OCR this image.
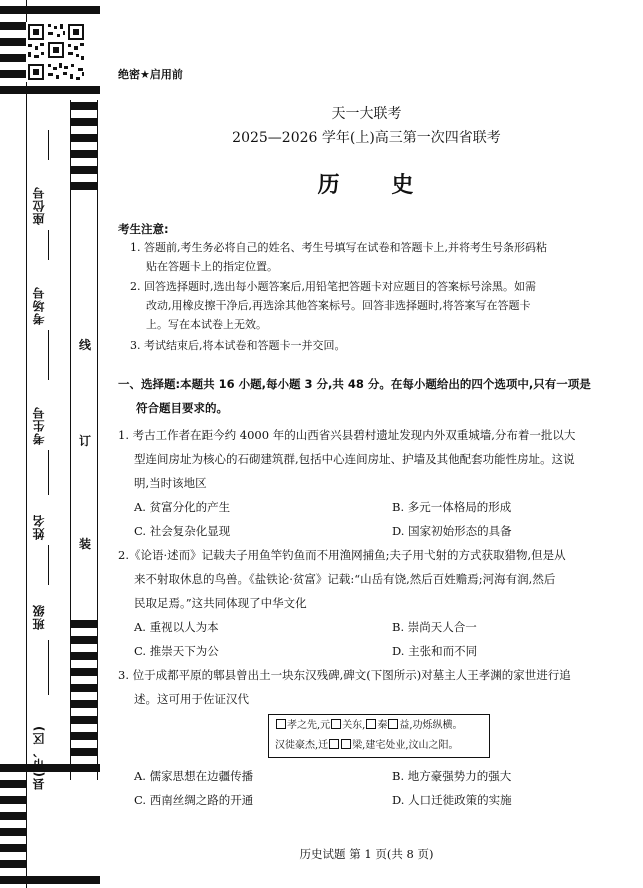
座位号
考场号
考生号
姓名
班级
县(市、区)
线
订
装
绝密★启用前
天一大联考
2025—2026 学年(上)高三第一次四省联考
历 史
考生注意:
1. 答题前,考生务必将自己的姓名、考生号填写在试卷和答题卡上,并将考生号条形码粘
贴在答题卡上的指定位置。
2. 回答选择题时,选出每小题答案后,用铅笔把答题卡对应题目的答案标号涂黑。如需
改动,用橡皮擦干净后,再选涂其他答案标号。回答非选择题时,将答案写在答题卡
上。写在本试卷上无效。
3. 考试结束后,将本试卷和答题卡一并交回。
一、选择题:本题共 16 小题,每小题 3 分,共 48 分。在每小题给出的四个选项中,只有一项是
符合题目要求的。
1. 考古工作者在距今约 4000 年的山西省兴县碧村遗址发现内外双重城墙,分布着一批以大
型连间房址为核心的石砌建筑群,包括中心连间房址、护墙及其他配套功能性房址。这说
明,当时该地区
A. 贫富分化的产生	B. 多元一体格局的形成
C. 社会复杂化显现	D. 国家初始形态的具备
2.《论语·述而》记载夫子用鱼竿钓鱼而不用渔网捕鱼;夫子用弋射的方式获取猎物,但是从
来不射取休息的鸟兽。《盐铁论·贫富》记载:“山岳有饶,然后百姓赡焉;河海有润,然后
民取足焉。”这共同体现了中华文化
A. 重视以人为本	B. 崇尚天人合一
C. 推崇天下为公	D. 主张和而不同
3. 位于成都平原的郫县曾出土一块东汉残碑,碑文(下图所示)对墓主人王孝渊的家世进行追
述。这可用于佐证汉代
孝之先,元 关东, 秦 益,功烁纵横。
汉徙豪杰,迁 梁,建宅处业,汶山之阳。
A. 儒家思想在边疆传播	B. 地方豪强势力的强大
C. 西南丝绸之路的开通	D. 人口迁徙政策的实施
历史试题 第 1 页(共 8 页)
